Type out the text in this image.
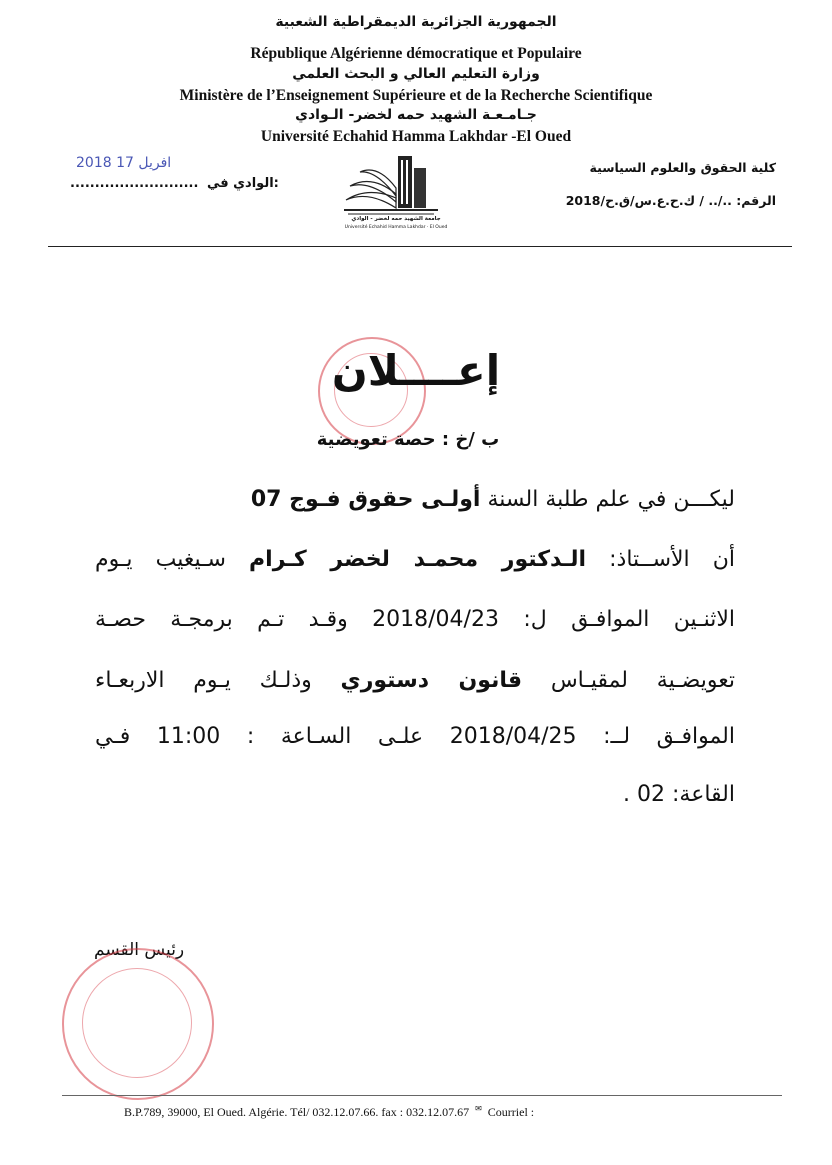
الجمهورية الجزائرية الديمقراطية الشعبية
République Algérienne démocratique et Populaire
وزارة التعليم العالي و البحث العلمي
Ministère de l’Enseignement Supérieure et de la Recherche Scientifique
جـامـعـة الشهيد حمه لخضر- الـوادي
Université Echahid Hamma Lakhdar -El Oued
كلية الحقوق والعلوم السياسية
الرقم: ../.. / ك.ح.ع.س/ق.ح/2018
2018 افريل 17
.......................... الوادي في:
جامعة الشهيد حمه لخضر - الوادي
Université Echahid Hamma Lakhdar · El Oued
إعــــلان
ب /خ : حصة تعويضية
ليكـــن في علم طلبة السنة أولـى حقوق فـوج 07
أن الأســتاذ: الـدكتور محمـد لخضر كـرام سـيغيب يـوم
الاثنـين الموافـق ل: 2018/04/23 وقـد تـم برمجـة حصـة
تعويضـية لمقيـاس قانون دستوري وذلـك يـوم الاربعـاء
الموافـق لــ: 2018/04/25 علـى السـاعة : 11:00 فـي
القاعة: 02 .
رئيس القسم
B.P.789, 39000, El Oued. Algérie. Tél/ 032.12.07.66. fax : 032.12.07.67 ✉ Courriel :
